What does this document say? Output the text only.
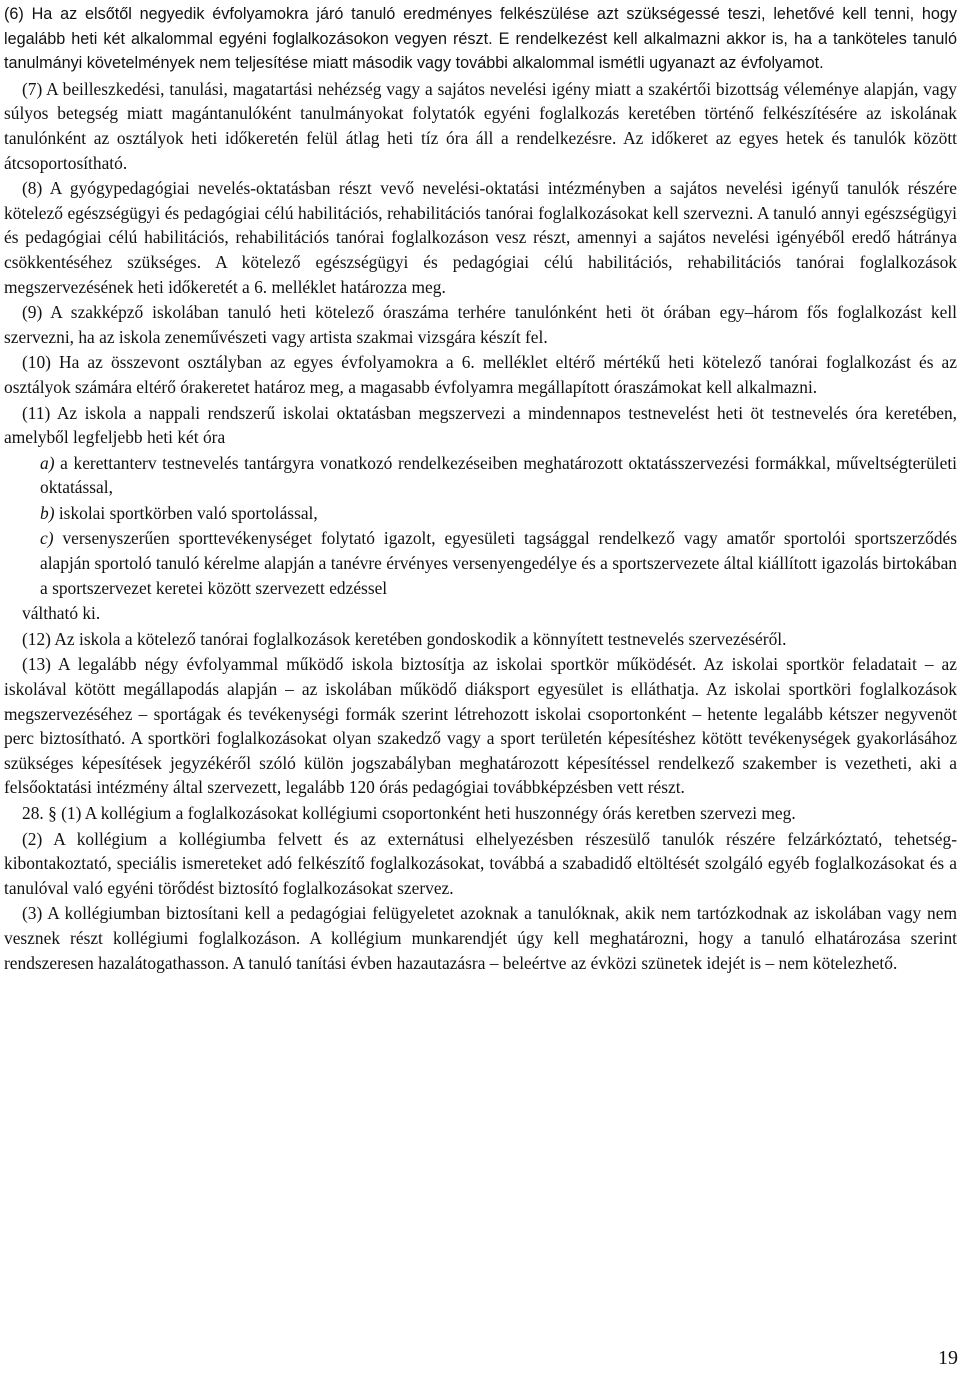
(6) Ha az elsőtől negyedik évfolyamokra járó tanuló eredményes felkészülése azt szükségessé teszi, lehetővé kell tenni, hogy legalább heti két alkalommal egyéni foglalkozásokon vegyen részt. E rendelkezést kell alkalmazni akkor is, ha a tanköteles tanuló tanulmányi követelmények nem teljesítése miatt második vagy további alkalommal ismétli ugyanazt az évfolyamot.

(7) A beilleszkedési, tanulási, magatartási nehézség vagy a sajátos nevelési igény miatt a szakértői bizottság véleménye alapján, vagy súlyos betegség miatt magántanulóként tanulmányokat folytatók egyéni foglalkozás keretében történő felkészítésére az iskolának tanulónként az osztályok heti időkeretén felül átlag heti tíz óra áll a rendelkezésre. Az időkeret az egyes hetek és tanulók között átcsoportosítható.

(8) A gyógypedagógiai nevelés-oktatásban részt vevő nevelési-oktatási intézményben a sajátos nevelési igényű tanulók részére kötelező egészségügyi és pedagógiai célú habilitációs, rehabilitációs tanórai foglalkozásokat kell szervezni. A tanuló annyi egészségügyi és pedagógiai célú habilitációs, rehabilitációs tanórai foglalkozáson vesz részt, amennyi a sajátos nevelési igényéből eredő hátránya csökkentéséhez szükséges. A kötelező egészségügyi és pedagógiai célú habilitációs, rehabilitációs tanórai foglalkozások megszervezésének heti időkeretét a 6. melléklet határozza meg.

(9) A szakképző iskolában tanuló heti kötelező óraszáma terhére tanulónként heti öt órában egy–három fős foglalkozást kell szervezni, ha az iskola zeneművészeti vagy artista szakmai vizsgára készít fel.

(10) Ha az összevont osztályban az egyes évfolyamokra a 6. melléklet eltérő mértékű heti kötelező tanórai foglalkozást és az osztályok számára eltérő órakeretet határoz meg, a magasabb évfolyamra megállapított óraszámokat kell alkalmazni.

(11) Az iskola a nappali rendszerű iskolai oktatásban megszervezi a mindennapos testnevelést heti öt testnevelés óra keretében, amelyből legfeljebb heti két óra

a) a kerettanterv testnevelés tantárgyra vonatkozó rendelkezéseiben meghatározott oktatásszervezési formákkal, műveltségterületi oktatással,

b) iskolai sportkörben való sportolással,

c) versenyszerűen sporttevékenységet folytató igazolt, egyesületi tagsággal rendelkező vagy amatőr sportolói sportszerződés alapján sportoló tanuló kérelme alapján a tanévre érvényes versenyengedélye és a sportszervezete által kiállított igazolás birtokában a sportszervezet keretei között szervezett edzéssel

váltható ki.

(12) Az iskola a kötelező tanórai foglalkozások keretében gondoskodik a könnyített testnevelés szervezéséről.

(13) A legalább négy évfolyammal működő iskola biztosítja az iskolai sportkör működését. Az iskolai sportkör feladatait – az iskolával kötött megállapodás alapján – az iskolában működő diáksport egyesület is elláthatja. Az iskolai sportköri foglalkozások megszervezéséhez – sportágak és tevékenységi formák szerint létrehozott iskolai csoportonként – hetente legalább kétszer negyvenöt perc biztosítható. A sportköri foglalkozásokat olyan szakedző vagy a sport területén képesítéshez kötött tevékenységek gyakorlásához szükséges képesítések jegyzékéről szóló külön jogszabályban meghatározott képesítéssel rendelkező szakember is vezetheti, aki a felsőoktatási intézmény által szervezett, legalább 120 órás pedagógiai továbbképzésben vett részt.

28. § (1) A kollégium a foglalkozásokat kollégiumi csoportonként heti huszonnégy órás keretben szervezi meg.

(2) A kollégium a kollégiumba felvett és az externátusi elhelyezésben részesülő tanulók részére felzárkóztató, tehetség-kibontakoztató, speciális ismereteket adó felkészítő foglalkozásokat, továbbá a szabadidő eltöltését szolgáló egyéb foglalkozásokat és a tanulóval való egyéni törődést biztosító foglalkozásokat szervez.

(3) A kollégiumban biztosítani kell a pedagógiai felügyeletet azoknak a tanulóknak, akik nem tartózkodnak az iskolában vagy nem vesznek részt kollégiumi foglalkozáson. A kollégium munkarendjét úgy kell meghatározni, hogy a tanuló elhatározása szerint rendszeresen hazalátogathasson. A tanuló tanítási évben hazautazásra – beleértve az évközi szünetek idejét is – nem kötelezhető.

19
